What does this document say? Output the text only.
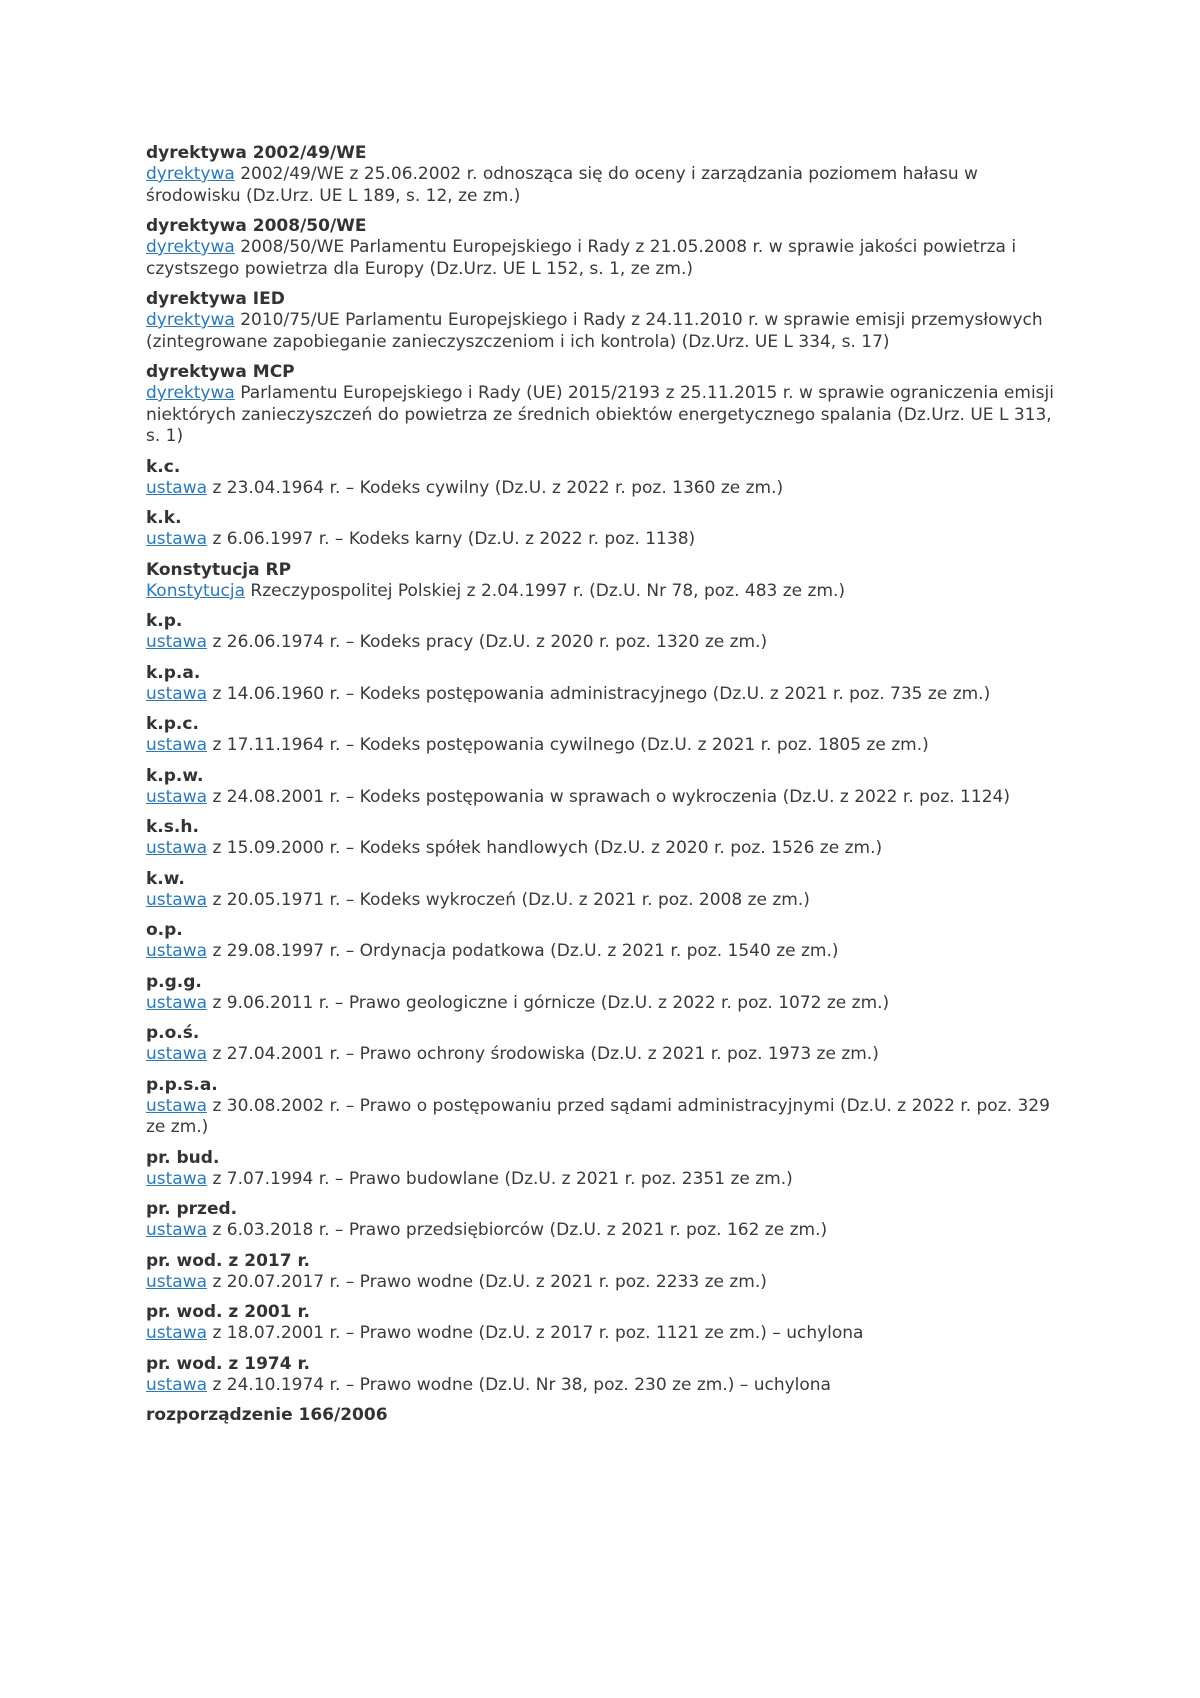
dyrektywa 2002/49/WE
dyrektywa 2002/49/WE z 25.06.2002 r. odnosząca się do oceny i zarządzania poziomem hałasu w środowisku (Dz.Urz. UE L 189, s. 12, ze zm.)
dyrektywa 2008/50/WE
dyrektywa 2008/50/WE Parlamentu Europejskiego i Rady z 21.05.2008 r. w sprawie jakości powietrza i czystszego powietrza dla Europy (Dz.Urz. UE L 152, s. 1, ze zm.)
dyrektywa IED
dyrektywa 2010/75/UE Parlamentu Europejskiego i Rady z 24.11.2010 r. w sprawie emisji przemysłowych (zintegrowane zapobieganie zanieczyszczeniom i ich kontrola) (Dz.Urz. UE L 334, s. 17)
dyrektywa MCP
dyrektywa Parlamentu Europejskiego i Rady (UE) 2015/2193 z 25.11.2015 r. w sprawie ograniczenia emisji niektórych zanieczyszczeń do powietrza ze średnich obiektów energetycznego spalania (Dz.Urz. UE L 313, s. 1)
k.c.
ustawa z 23.04.1964 r. – Kodeks cywilny (Dz.U. z 2022 r. poz. 1360 ze zm.)
k.k.
ustawa z 6.06.1997 r. – Kodeks karny (Dz.U. z 2022 r. poz. 1138)
Konstytucja RP
Konstytucja Rzeczypospolitej Polskiej z 2.04.1997 r. (Dz.U. Nr 78, poz. 483 ze zm.)
k.p.
ustawa z 26.06.1974 r. – Kodeks pracy (Dz.U. z 2020 r. poz. 1320 ze zm.)
k.p.a.
ustawa z 14.06.1960 r. – Kodeks postępowania administracyjnego (Dz.U. z 2021 r. poz. 735 ze zm.)
k.p.c.
ustawa z 17.11.1964 r. – Kodeks postępowania cywilnego (Dz.U. z 2021 r. poz. 1805 ze zm.)
k.p.w.
ustawa z 24.08.2001 r. – Kodeks postępowania w sprawach o wykroczenia (Dz.U. z 2022 r. poz. 1124)
k.s.h.
ustawa z 15.09.2000 r. – Kodeks spółek handlowych (Dz.U. z 2020 r. poz. 1526 ze zm.)
k.w.
ustawa z 20.05.1971 r. – Kodeks wykroczeń (Dz.U. z 2021 r. poz. 2008 ze zm.)
o.p.
ustawa z 29.08.1997 r. – Ordynacja podatkowa (Dz.U. z 2021 r. poz. 1540 ze zm.)
p.g.g.
ustawa z 9.06.2011 r. – Prawo geologiczne i górnicze (Dz.U. z 2022 r. poz. 1072 ze zm.)
p.o.ś.
ustawa z 27.04.2001 r. – Prawo ochrony środowiska (Dz.U. z 2021 r. poz. 1973 ze zm.)
p.p.s.a.
ustawa z 30.08.2002 r. – Prawo o postępowaniu przed sądami administracyjnymi (Dz.U. z 2022 r. poz. 329 ze zm.)
pr. bud.
ustawa z 7.07.1994 r. – Prawo budowlane (Dz.U. z 2021 r. poz. 2351 ze zm.)
pr. przed.
ustawa z 6.03.2018 r. – Prawo przedsiębiorców (Dz.U. z 2021 r. poz. 162 ze zm.)
pr. wod. z 2017 r.
ustawa z 20.07.2017 r. – Prawo wodne (Dz.U. z 2021 r. poz. 2233 ze zm.)
pr. wod. z 2001 r.
ustawa z 18.07.2001 r. – Prawo wodne (Dz.U. z 2017 r. poz. 1121 ze zm.) – uchylona
pr. wod. z 1974 r.
ustawa z 24.10.1974 r. – Prawo wodne (Dz.U. Nr 38, poz. 230 ze zm.) – uchylona
rozporządzenie 166/2006
